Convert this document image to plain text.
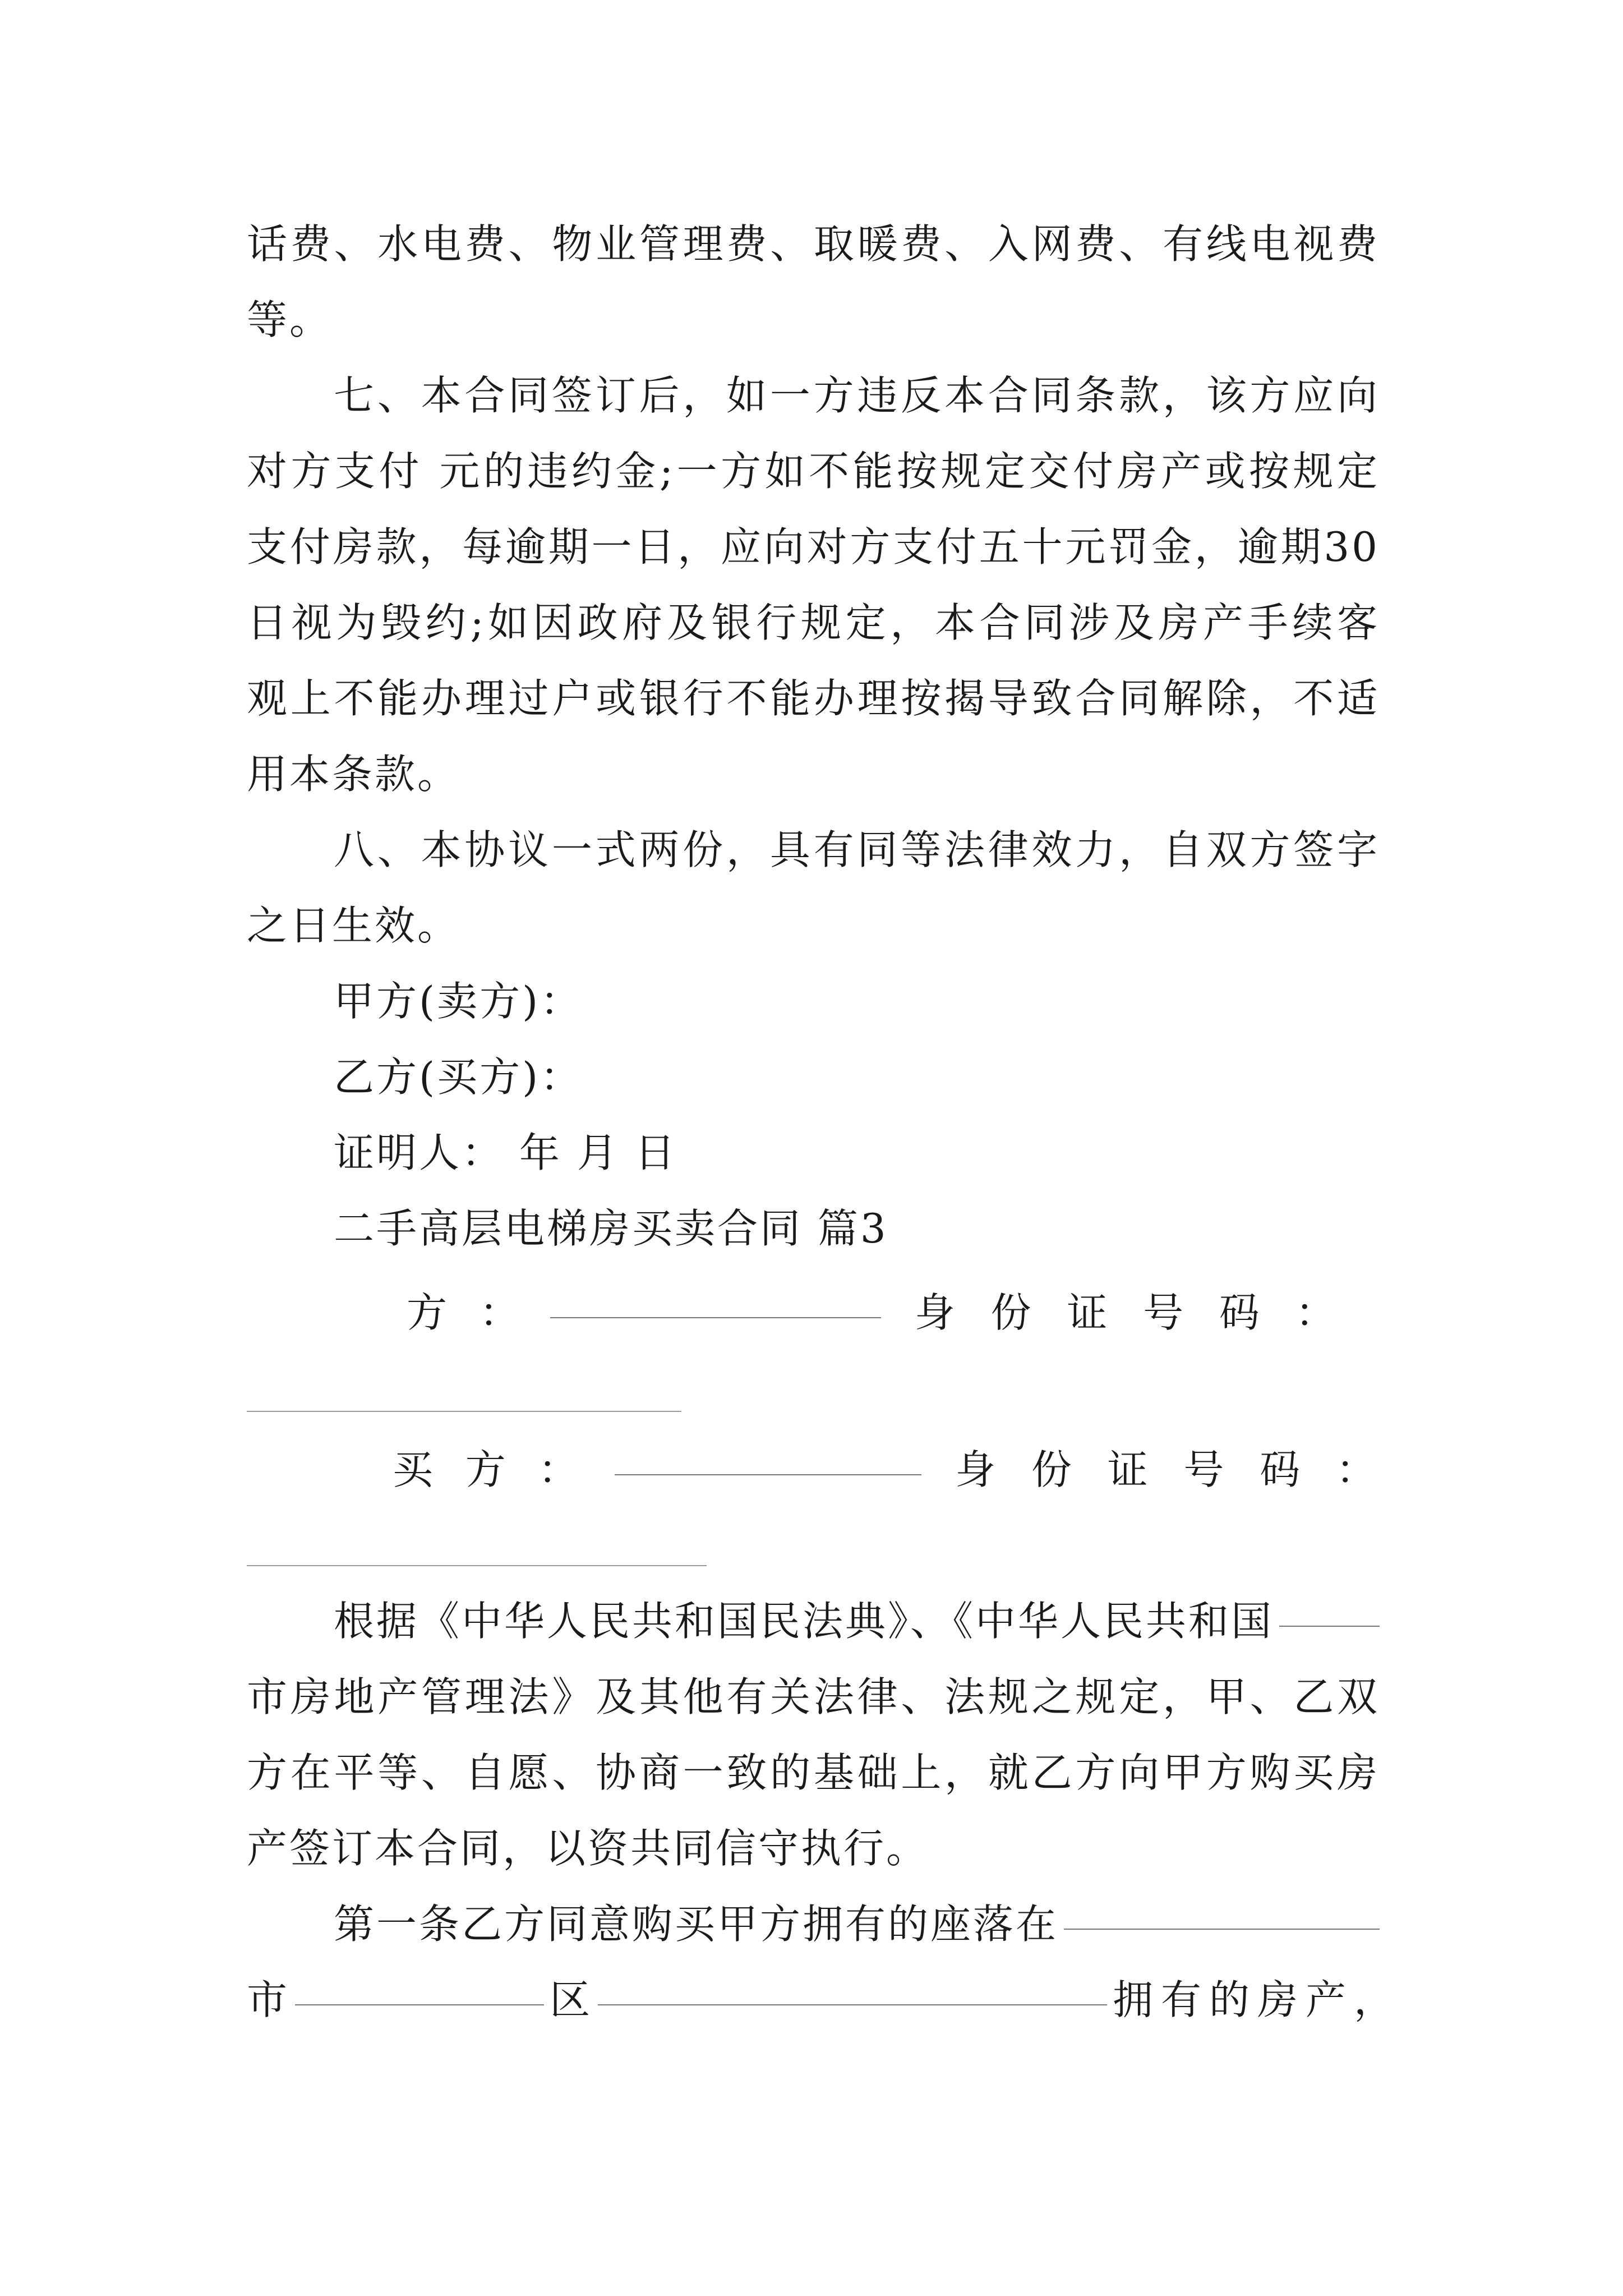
话费、水电费、物业管理费、取暖费、入网费、有线电视费
等。
七、本合同签订后，如一方违反本合同条款，该方应向
对方支付 元的违约金;一方如不能按规定交付房产或按规定
支付房款，每逾期一日，应向对方支付五十元罚金，逾期30
日视为毁约;如因政府及银行规定，本合同涉及房产手续客
观上不能办理过户或银行不能办理按揭导致合同解除，不适
用本条款。
八、本协议一式两份，具有同等法律效力，自双方签字
之日生效。
甲方(卖方)：
乙方(买方)：
证明人： 年 月 日
二手高层电梯房买卖合同 篇3
方  ：	身  份  证  号  码  ：
买  方  ：	身  份  证  号  码  ：
根据《中华人民共和国民法典》、《中华人民共和国
市房地产管理法》及其他有关法律、法规之规定，甲、乙双
方在平等、自愿、协商一致的基础上，就乙方向甲方购买房
产签订本合同，以资共同信守执行。
第一条乙方同意购买甲方拥有的座落在
市	区	拥有的房产，
